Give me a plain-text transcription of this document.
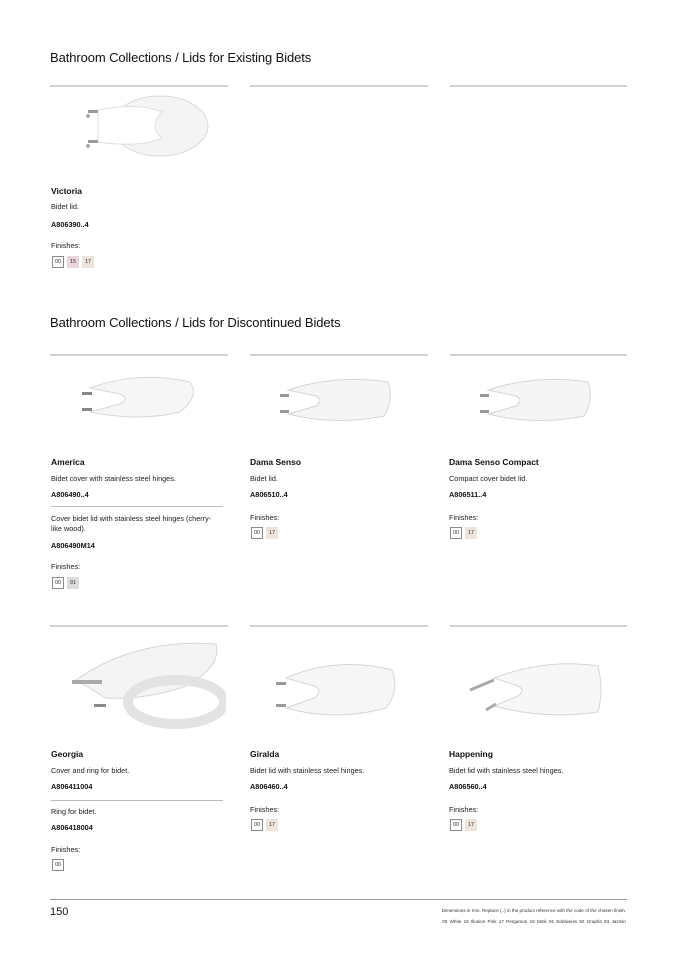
Bathroom Collections / Lids for Existing Bidets
Victoria
Bidet lid.
A806390..4
Finishes:
00	15	17
Bathroom Collections / Lids for Discontinued Bidets
America
Bidet cover with stainless steel hinges.
A806490..4
Cover bidet lid with stainless steel hinges (cherry-like wood).
A806490M14
Finishes:
00	91
Dama Senso
Bidet lid.
A806510..4
Finishes:
00	17
Dama Senso Compact
Compact cover bidet lid.
A806511..4
Finishes:
00	17
Georgia
Cover and ring for bidet.
A806411004
Ring for bidet.
A806418004
Finishes:
00
Giralda
Bidet lid with stainless steel hinges.
A806460..4
Finishes:
00	17
Happening
Bidet lid with stainless steel hinges.
A806560..4
Finishes:
00	17
150	Dimensions in mm. Replace (..) in the product reference with the code of the chosen finish.
00 White 15 Illusion Pink 17 Pergamon 19 Mink 91 Edelweiss 92 Graphit 93 Jazmin
